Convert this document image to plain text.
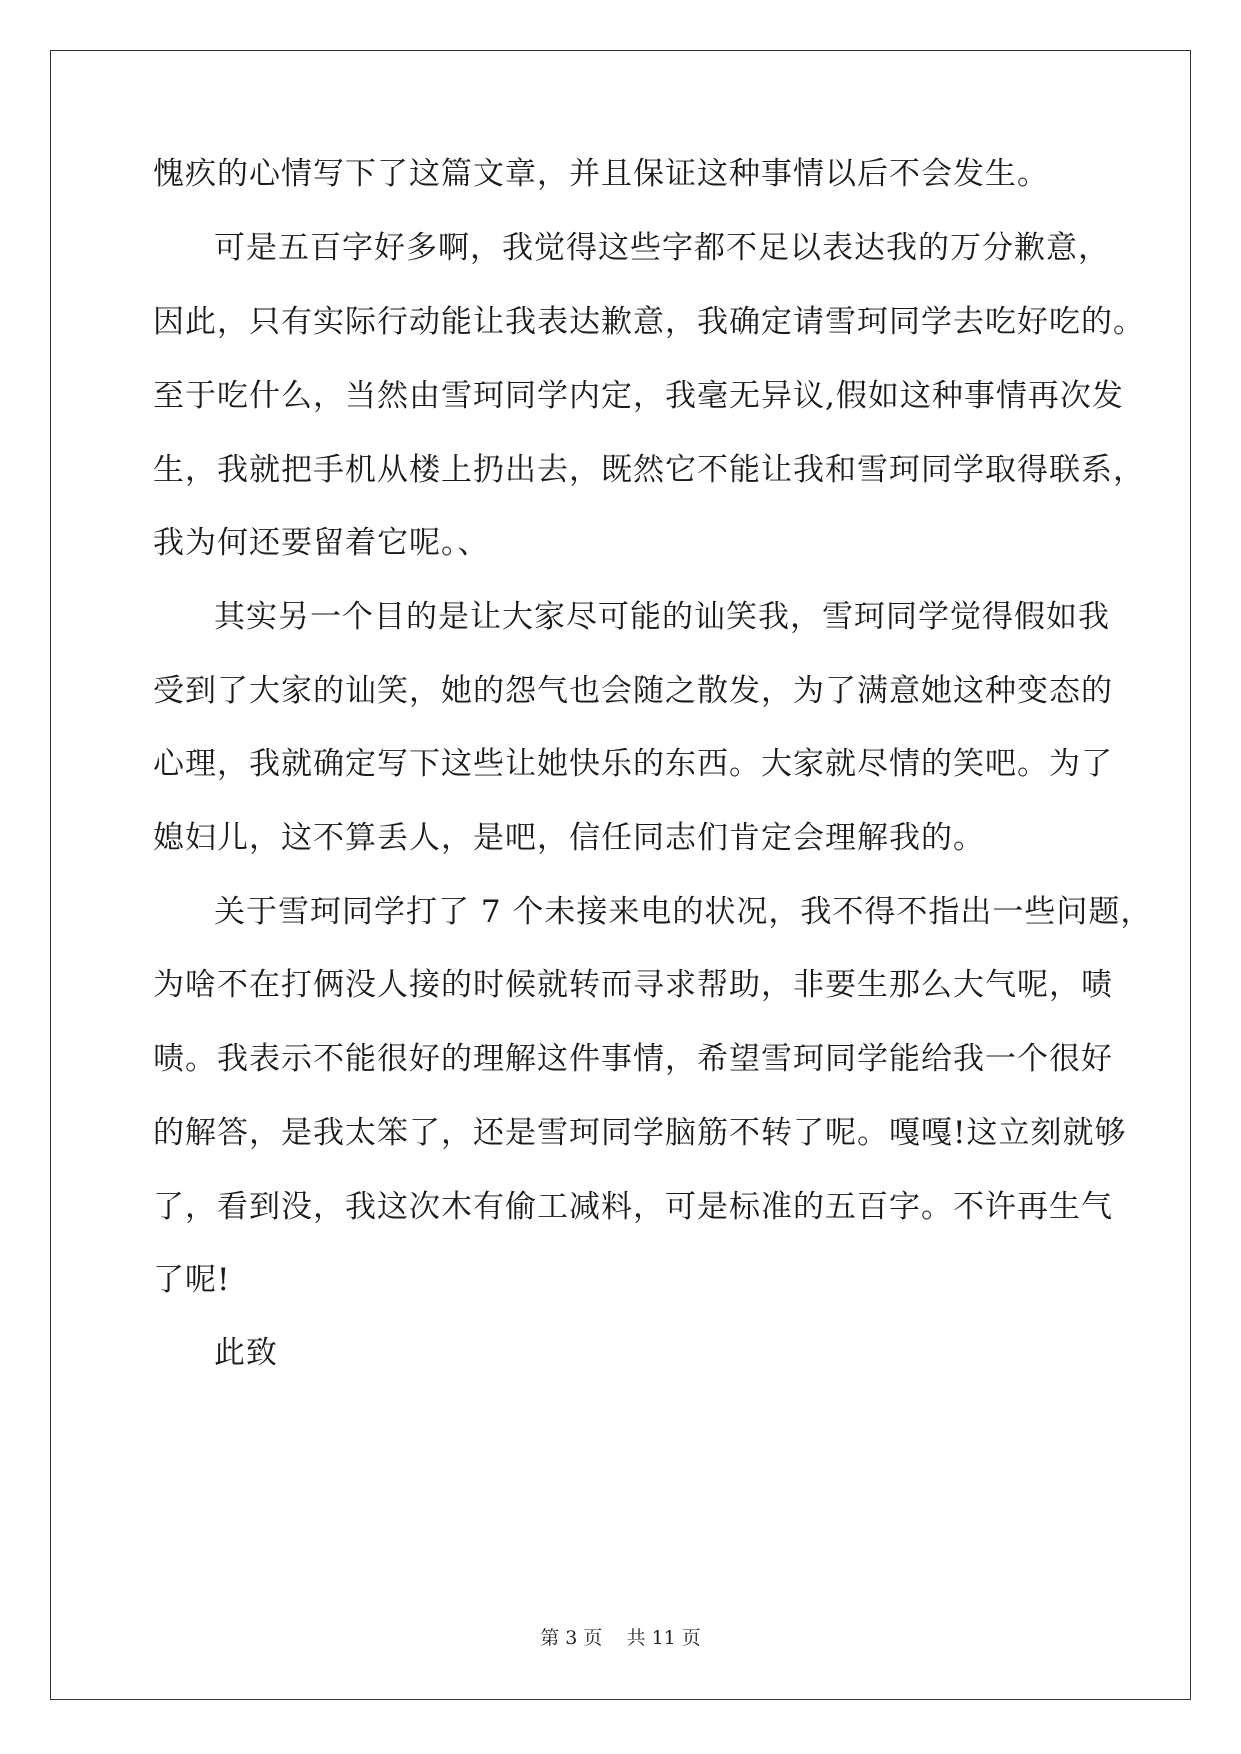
愧疚的心情写下了这篇文章，并且保证这种事情以后不会发生。
可是五百字好多啊，我觉得这些字都不足以表达我的万分歉意，
因此，只有实际行动能让我表达歉意，我确定请雪珂同学去吃好吃的。
至于吃什么，当然由雪珂同学内定，我毫无异议,假如这种事情再次发
生，我就把手机从楼上扔出去，既然它不能让我和雪珂同学取得联系，
我为何还要留着它呢。、
其实另一个目的是让大家尽可能的讪笑我，雪珂同学觉得假如我
受到了大家的讪笑，她的怨气也会随之散发，为了满意她这种变态的
心理，我就确定写下这些让她快乐的东西。大家就尽情的笑吧。为了
媳妇儿，这不算丢人，是吧，信任同志们肯定会理解我的。
关于雪珂同学打了 7 个未接来电的状况，我不得不指出一些问题，
为啥不在打俩没人接的时候就转而寻求帮助，非要生那么大气呢，啧
啧。我表示不能很好的理解这件事情，希望雪珂同学能给我一个很好
的解答，是我太笨了，还是雪珂同学脑筋不转了呢。嘎嘎!这立刻就够
了，看到没，我这次木有偷工减料，可是标准的五百字。不许再生气
了呢!
此致
第 3 页 共 11 页
